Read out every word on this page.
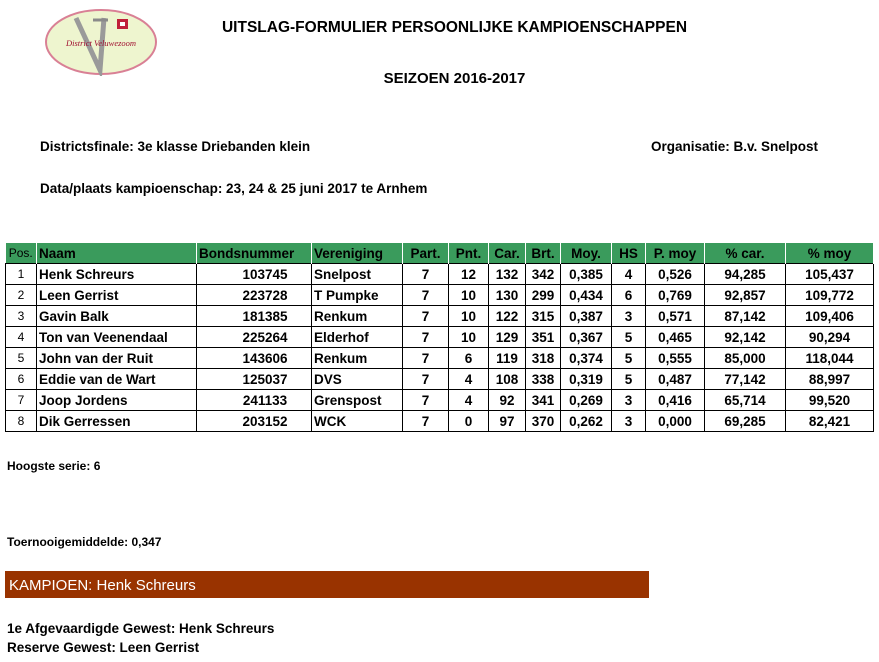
District Veluwezoom
UITSLAG-FORMULIER PERSOONLIJKE KAMPIOENSCHAPPEN
SEIZOEN 2016-2017
Districtsfinale: 3e klasse Driebanden klein	Organisatie: B.v. Snelpost
Data/plaats kampioenschap: 23, 24 & 25 juni 2017 te Arnhem
Pos.	Naam	Bondsnummer	Vereniging	Part.	Pnt.	Car.	Brt.	Moy.	HS	P. moy	% car.	% moy
1	Henk Schreurs	103745	Snelpost	7	12	132	342	0,385	4	0,526	94,285	105,437
2	Leen Gerrist	223728	T Pumpke	7	10	130	299	0,434	6	0,769	92,857	109,772
3	Gavin Balk	181385	Renkum	7	10	122	315	0,387	3	0,571	87,142	109,406
4	Ton van Veenendaal	225264	Elderhof	7	10	129	351	0,367	5	0,465	92,142	90,294
5	John van der Ruit	143606	Renkum	7	6	119	318	0,374	5	0,555	85,000	118,044
6	Eddie van de Wart	125037	DVS	7	4	108	338	0,319	5	0,487	77,142	88,997
7	Joop Jordens	241133	Grenspost	7	4	92	341	0,269	3	0,416	65,714	99,520
8	Dik Gerressen	203152	WCK	7	0	97	370	0,262	3	0,000	69,285	82,421
Hoogste serie: 6
Toernooigemiddelde: 0,347
KAMPIOEN: Henk Schreurs
1e Afgevaardigde Gewest: Henk Schreurs
Reserve Gewest: Leen Gerrist
